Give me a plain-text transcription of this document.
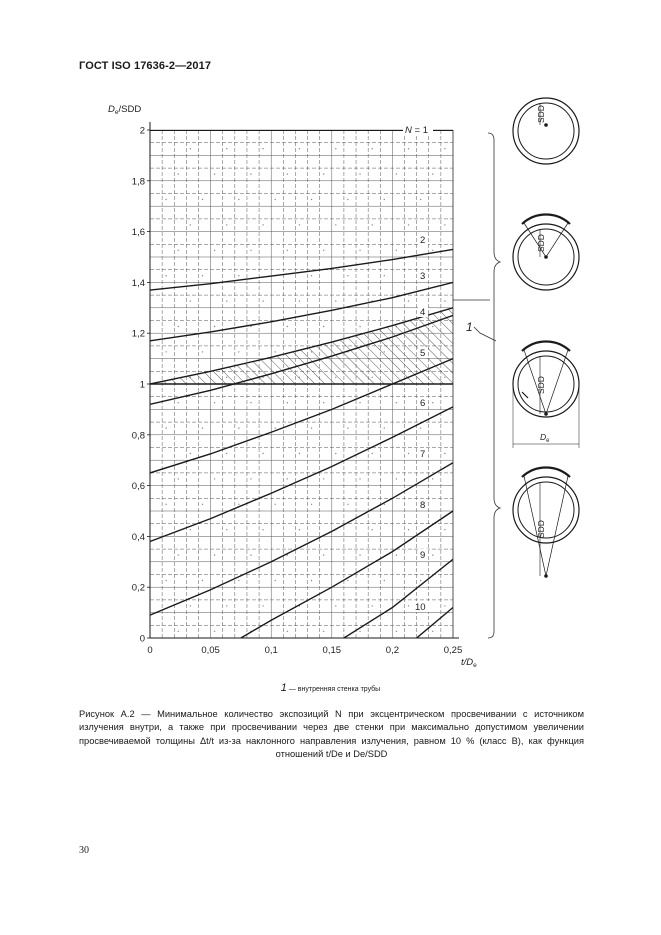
ГОСТ ISO 17636-2—2017
0
0,2
0,4
0,6
0,8
1
1,2
1,4
1,6
1,8
2
0	0,05	0,1	0,15	0,2	0,25
N = 1
2
3
4
5
6
7
8
9
10
$D_e$/SDD
$t/D_e$
1
SDD
SDD
SDD
$D_e$
SDD
1 — внутренняя стенка трубы
Рисунок А.2 — Минимальное количество экспозиций N при эксцентрическом просвечивании с источником излучения внутри, а также при просвечивании через две стенки при максимально допустимом увеличении просвечиваемой толщины Δt/t из-за наклонного направления излучения, равном 10 % (класс В), как функция отношений t/De и De/SDD
30
